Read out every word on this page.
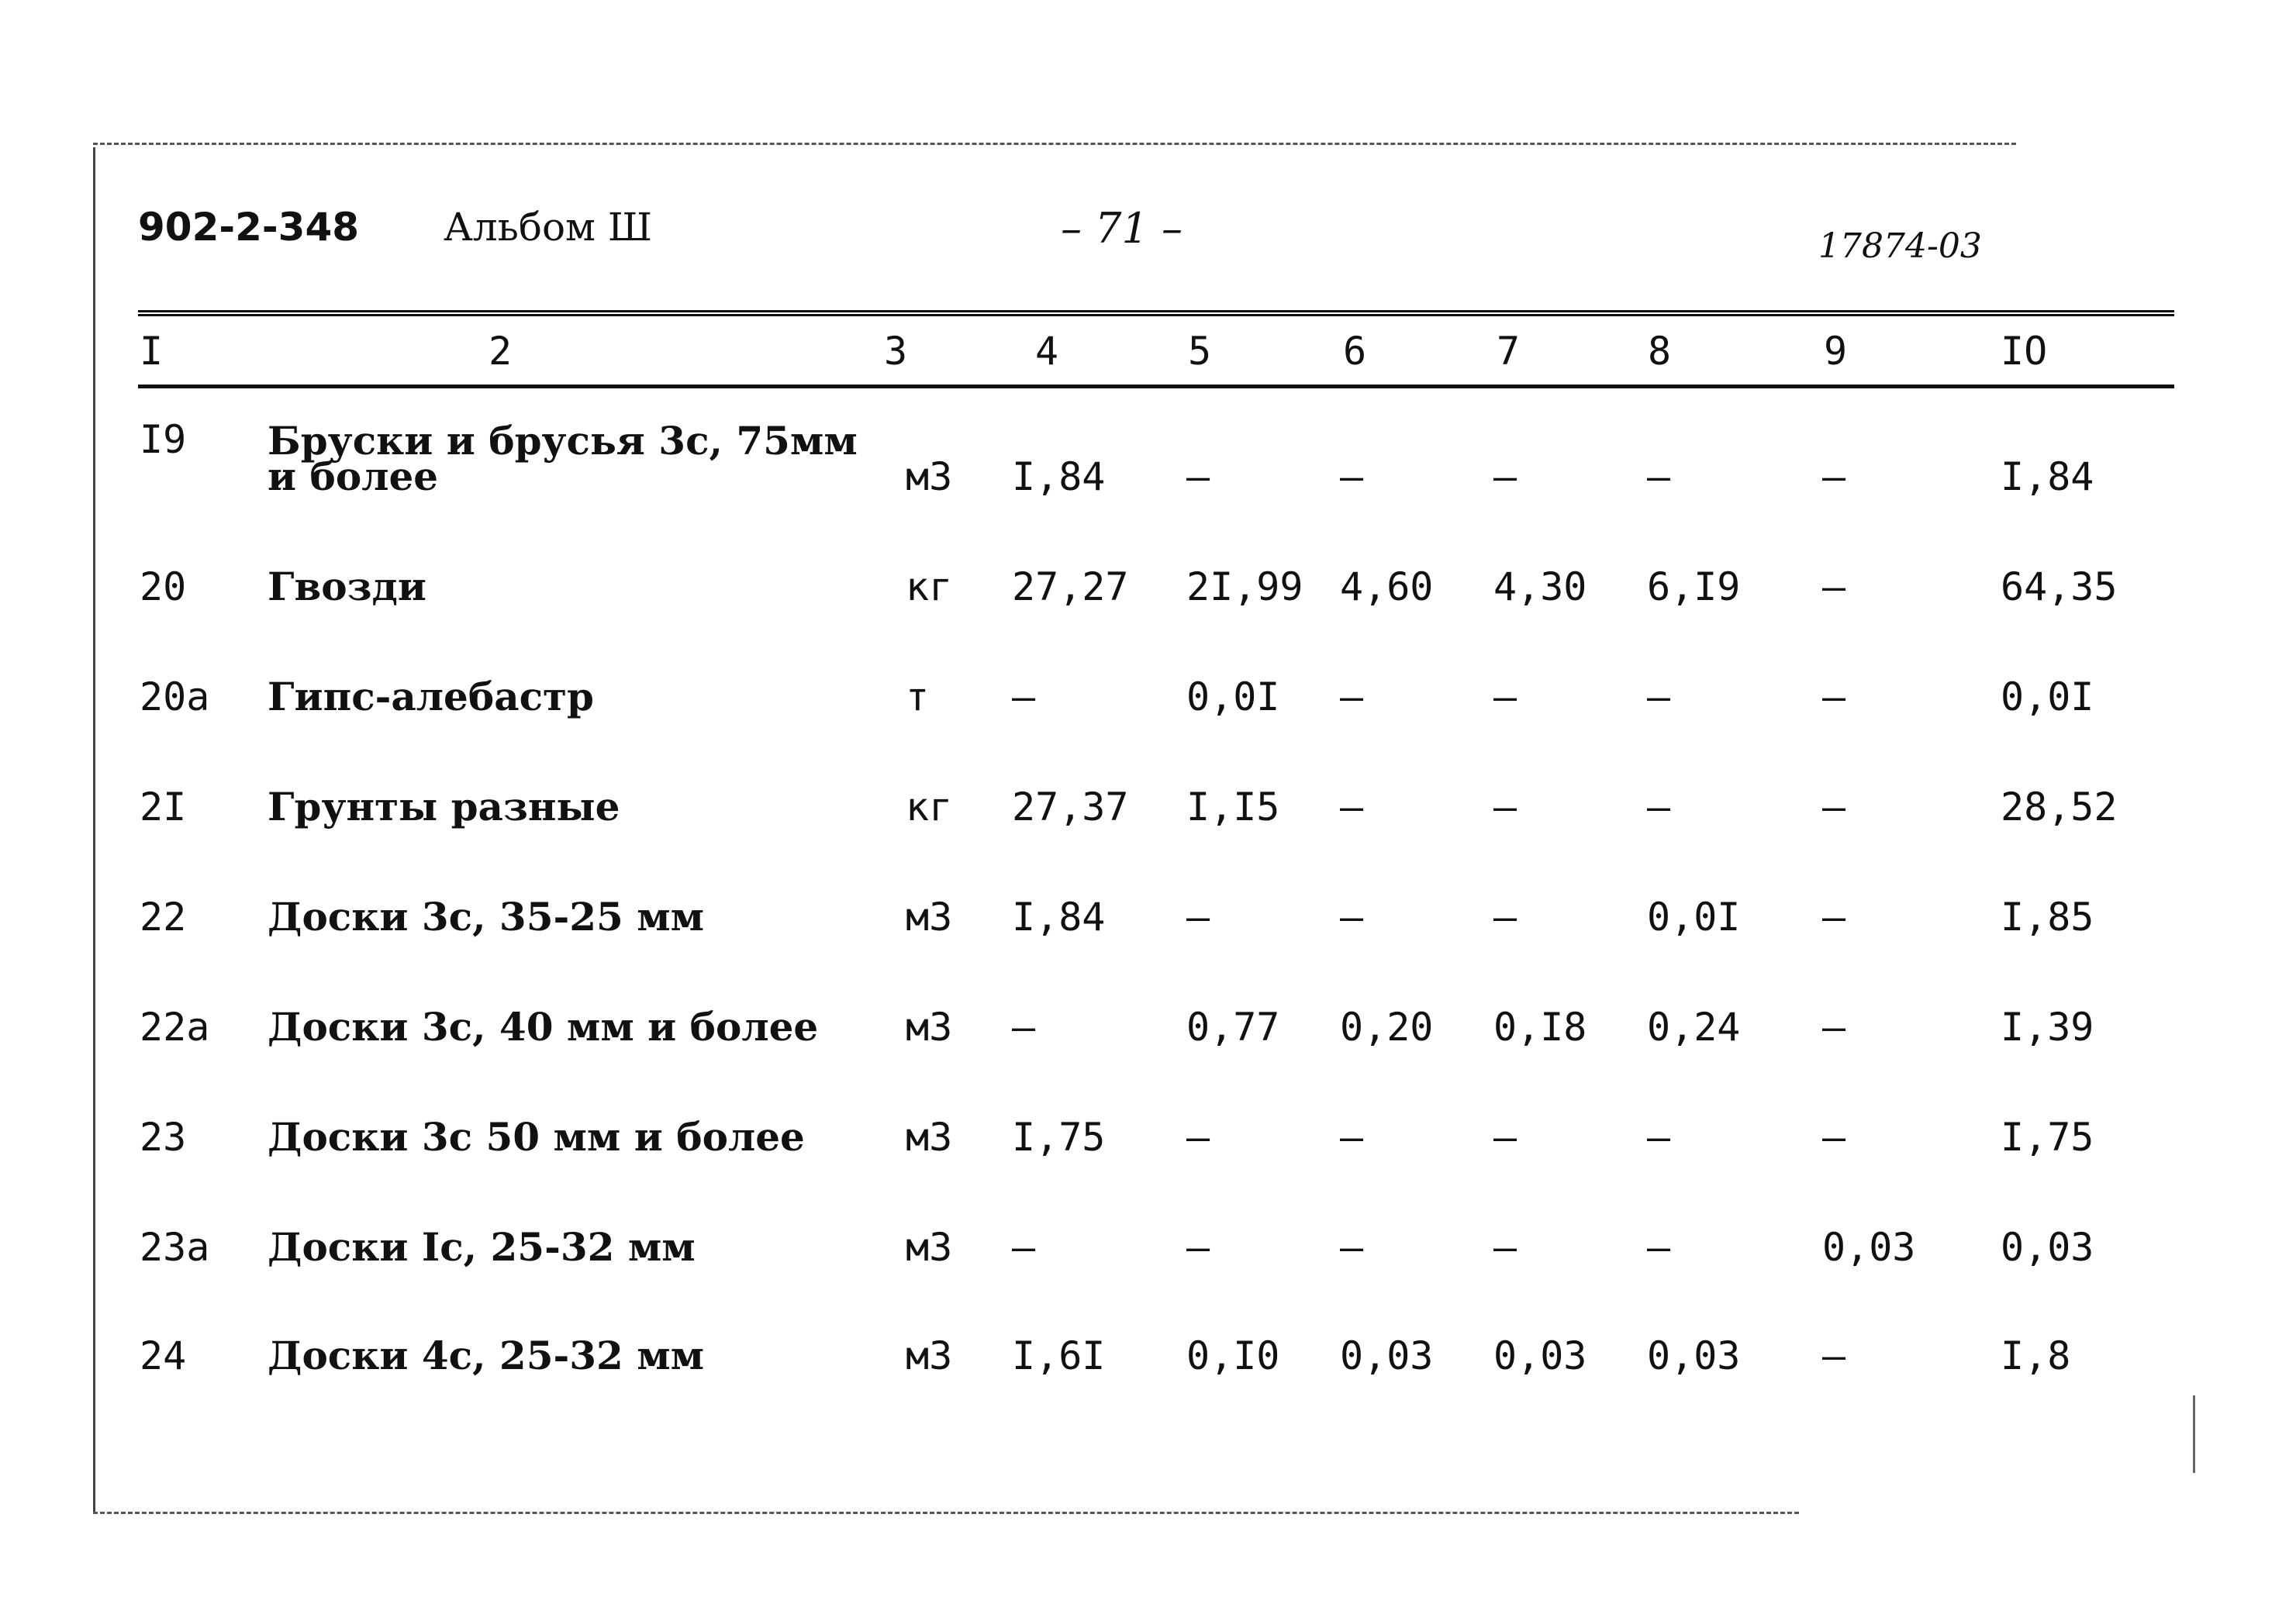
902-2-348 Альбом Ш	– 71 –	17874-03
I	2	3	4	5	6	7	8	9	IO
I9 Бруски и брусья 3с, 75мм
и более	м3 I,84 –	–	–	–	–	I,84
20 Гвозди	кг 27,27 2I,99 4,60 4,30 6,I9 –	64,35
20а Гипс-алебастр	т –	0,0I –	–	–	–	0,0I
2I Грунты разные	кг 27,37 I,I5 –	–	–	–	28,52
22 Доски 3с, 35-25 мм	м3 I,84 –	–	–	0,0I –	I,85
22а Доски 3с, 40 мм и более м3 –	0,77 0,20 0,I8 0,24 –	I,39
23 Доски 3с 50 мм и более	м3 I,75 –	–	–	–	–	I,75
23а Доски Iс, 25-32 мм	м3 –	–	–	–	–	0,03 0,03
24 Доски 4с, 25-32 мм	м3 I,6I 0,I0 0,03 0,03 0,03 –	I,8
